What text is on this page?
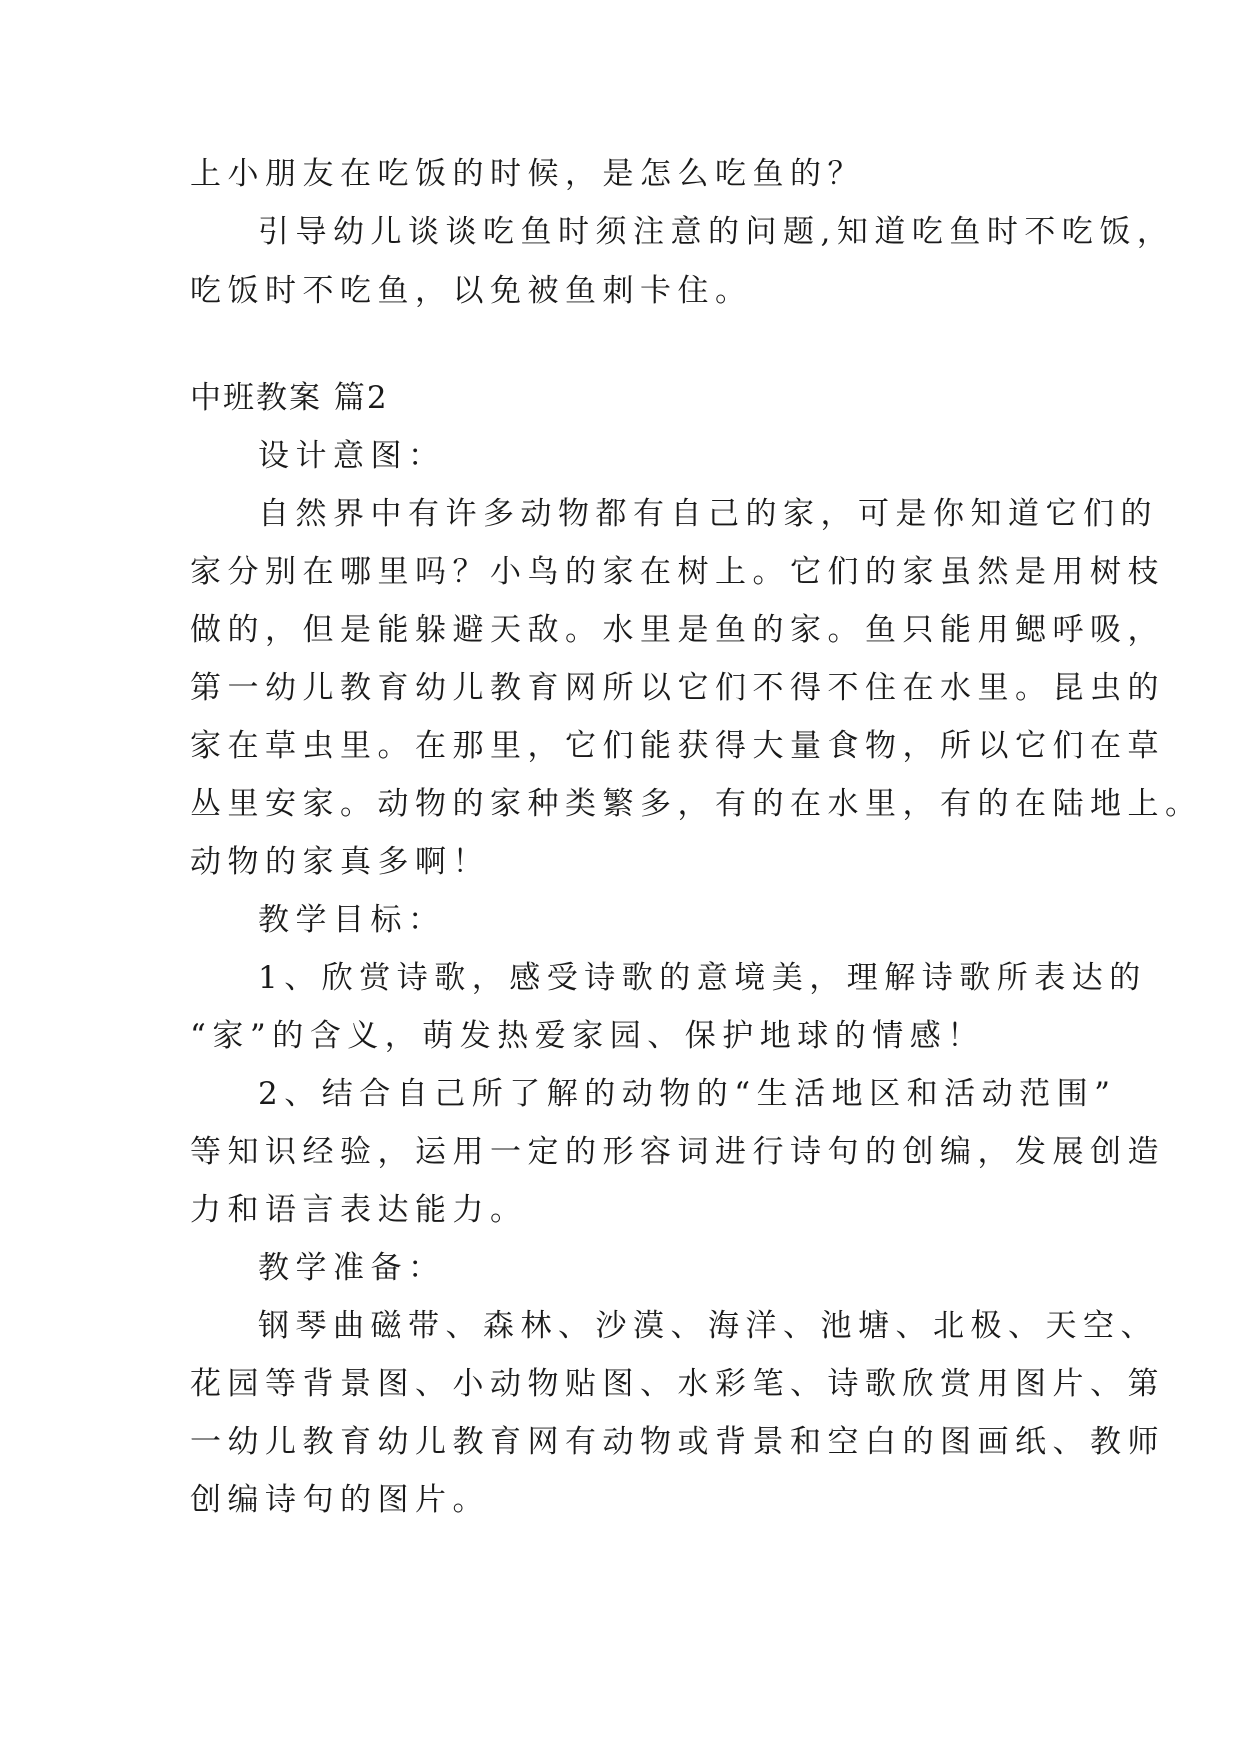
上小朋友在吃饭的时候，是怎么吃鱼的？
引导幼儿谈谈吃鱼时须注意的问题,知道吃鱼时不吃饭，
吃饭时不吃鱼，以免被鱼刺卡住。
中班教案 篇2
设计意图：
自然界中有许多动物都有自己的家，可是你知道它们的
家分别在哪里吗？小鸟的家在树上。它们的家虽然是用树枝
做的，但是能躲避天敌。水里是鱼的家。鱼只能用鳃呼吸，
第一幼儿教育幼儿教育网所以它们不得不住在水里。昆虫的
家在草虫里。在那里，它们能获得大量食物，所以它们在草
丛里安家。动物的家种类繁多，有的在水里，有的在陆地上。
动物的家真多啊！
教学目标：
1、欣赏诗歌，感受诗歌的意境美，理解诗歌所表达的
“家”的含义，萌发热爱家园、保护地球的情感！
2、结合自己所了解的动物的“生活地区和活动范围”
等知识经验，运用一定的形容词进行诗句的创编，发展创造
力和语言表达能力。
教学准备：
钢琴曲磁带、森林、沙漠、海洋、池塘、北极、天空、
花园等背景图、小动物贴图、水彩笔、诗歌欣赏用图片、第
一幼儿教育幼儿教育网有动物或背景和空白的图画纸、教师
创编诗句的图片。
